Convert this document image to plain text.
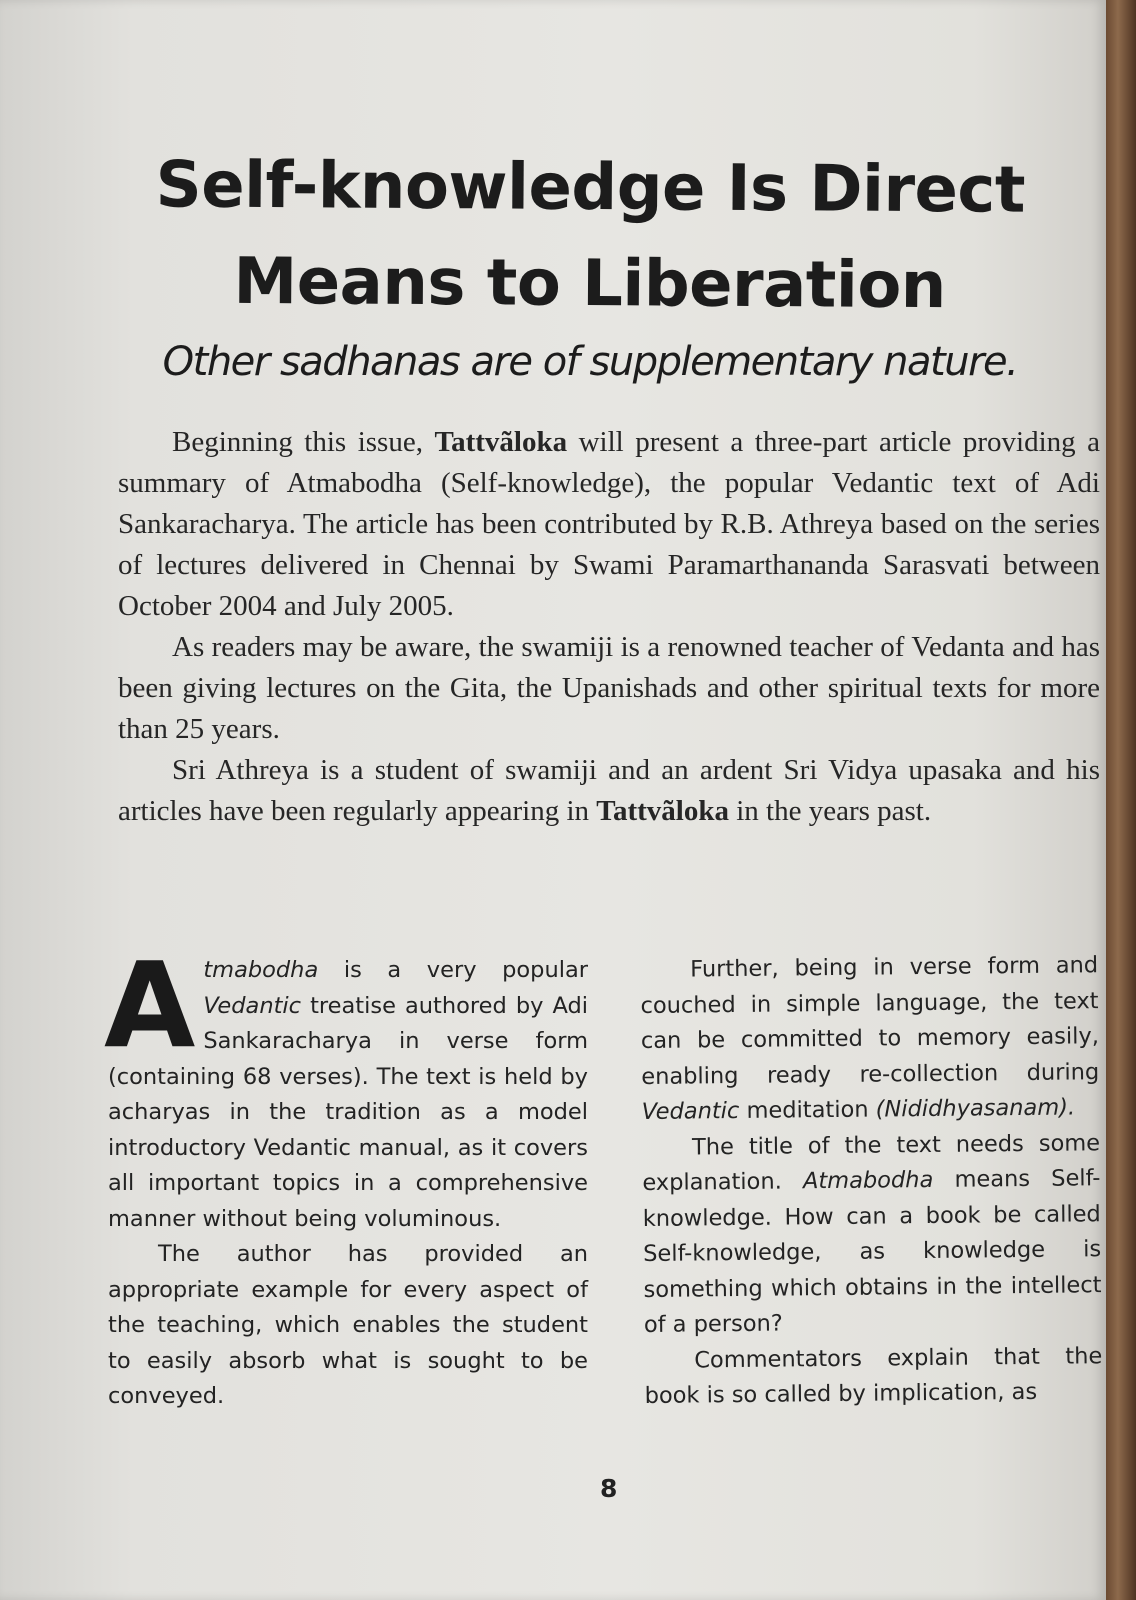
Self-knowledge Is Direct
Means to Liberation
Other sadhanas are of supplementary nature.

Beginning this issue, Tattvãloka will present a three-part article providing a summary of Atmabodha (Self-knowledge), the popular Vedantic text of Adi Sankaracharya. The article has been contributed by R.B. Athreya based on the series of lectures delivered in Chennai by Swami Paramarthananda Sarasvati between October 2004 and July 2005.

As readers may be aware, the swamiji is a renowned teacher of Vedanta and has been giving lectures on the Gita, the Upanishads and other spiritual texts for more than 25 years.

Sri Athreya is a student of swamiji and an ardent Sri Vidya upasaka and his articles have been regularly appearing in Tattvãloka in the years past.

A tmabodha is a very popular Vedantic treatise authored by Adi Sankaracharya in verse form (containing 68 verses). The text is held by acharyas in the tradition as a model introductory Vedantic manual, as it covers all important topics in a comprehensive manner without being voluminous.

The author has provided an appropriate example for every aspect of the teaching, which enables the student to easily absorb what is sought to be conveyed.

Further, being in verse form and couched in simple language, the text can be committed to memory easily, enabling ready re-collection during Vedantic meditation (Nididhyasanam).

The title of the text needs some explanation. Atmabodha means Self-knowledge. How can a book be called Self-knowledge, as knowledge is something which obtains in the intellect of a person?

Commentators explain that the book is so called by implication, as

8
